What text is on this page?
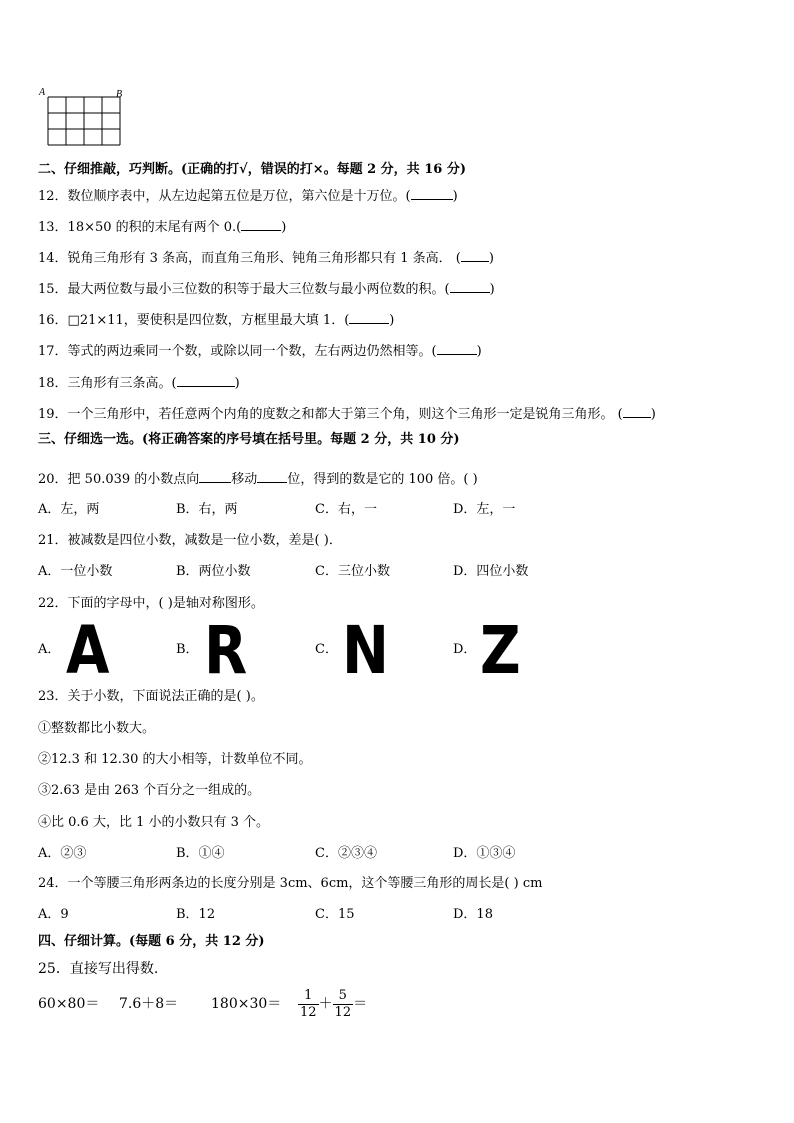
A	B
二、仔细推敲，巧判断。(正确的打√，错误的打×。每题 2 分，共 16 分)
12．数位顺序表中，从左边起第五位是万位，第六位是十万位。(	)
13．18×50 的积的末尾有两个 0.(	)
14．锐角三角形有 3 条高，而直角三角形、钝角三角形都只有 1 条高． ( )
15．最大两位数与最小三位数的积等于最大三位数与最小两位数的积。(	)
16．□21×11，要使积是四位数，方框里最大填 1．(	)
17．等式的两边乘同一个数，或除以同一个数，左右两边仍然相等。(	)
18．三角形有三条高。(	)
19．一个三角形中，若任意两个内角的度数之和都大于第三个角，则这个三角形一定是锐角三角形。 ( )
三、仔细选一选。(将正确答案的序号填在括号里。每题 2 分，共 10 分)
20．把 50.039 的小数点向 移动 位，得到的数是它的 100 倍。( )
A．左，两	B．右，两	C．右，一	D．左，一
21．被减数是四位小数，减数是一位小数，差是( )．
A．一位小数	B．两位小数	C．三位小数	D．四位小数
22．下面的字母中，( )是轴对称图形。
A． A	B． R	C． N	D． Z
23．关于小数，下面说法正确的是( )。
①整数都比小数大。
②12.3 和 12.30 的大小相等，计数单位不同。
③2.63 是由 263 个百分之一组成的。
④比 0.6 大，比 1 小的小数只有 3 个。
A．②③	B．①④	C．②③④	D．①③④
24．一个等腰三角形两条边的长度分别是 3cm、6cm，这个等腰三角形的周长是( ) cm
A．9	B．12	C．15	D．18
四、仔细计算。(每题 6 分，共 12 分)
25．直接写出得数.
$60\times 80= 7.6+8= 180\times 30= \frac{1}{12} + \frac{5}{12}$ ＝
